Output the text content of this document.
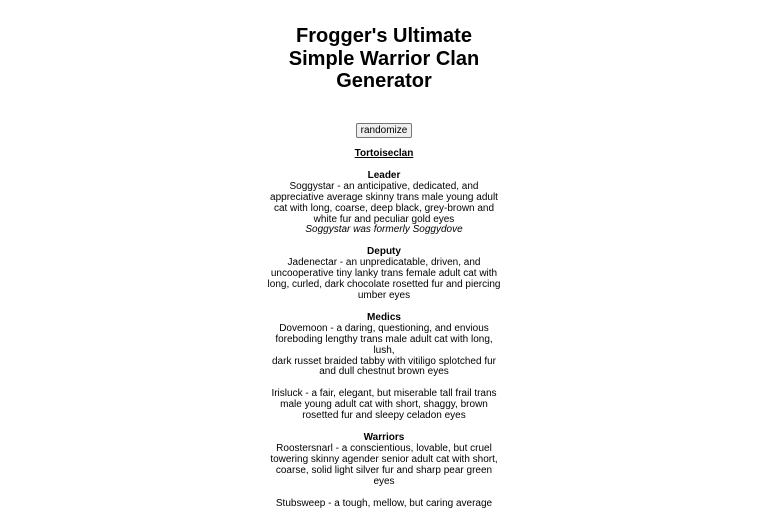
Frogger's Ultimate
Simple Warrior Clan
Generator
randomize
Tortoiseclan
Leader
Soggystar - an anticipative, dedicated, and
appreciative average skinny trans male young adult
cat with long, coarse, deep black, grey-brown and
white fur and peculiar gold eyes
Soggystar was formerly Soggydove
Deputy
Jadenectar - an unpredicatable, driven, and
uncooperative tiny lanky trans female adult cat with
long, curled, dark chocolate rosetted fur and piercing
umber eyes
Medics
Dovemoon - a daring, questioning, and envious
foreboding lengthy trans male adult cat with long, lush,
dark russet braided tabby with vitiligo splotched fur
and dull chestnut brown eyes
Irisluck - a fair, elegant, but miserable tall frail trans
male young adult cat with short, shaggy, brown
rosetted fur and sleepy celadon eyes
Warriors
Roostersnarl - a conscientious, lovable, but cruel
towering skinny agender senior adult cat with short,
coarse, solid light silver fur and sharp pear green eyes
Stubsweep - a tough, mellow, but caring average
